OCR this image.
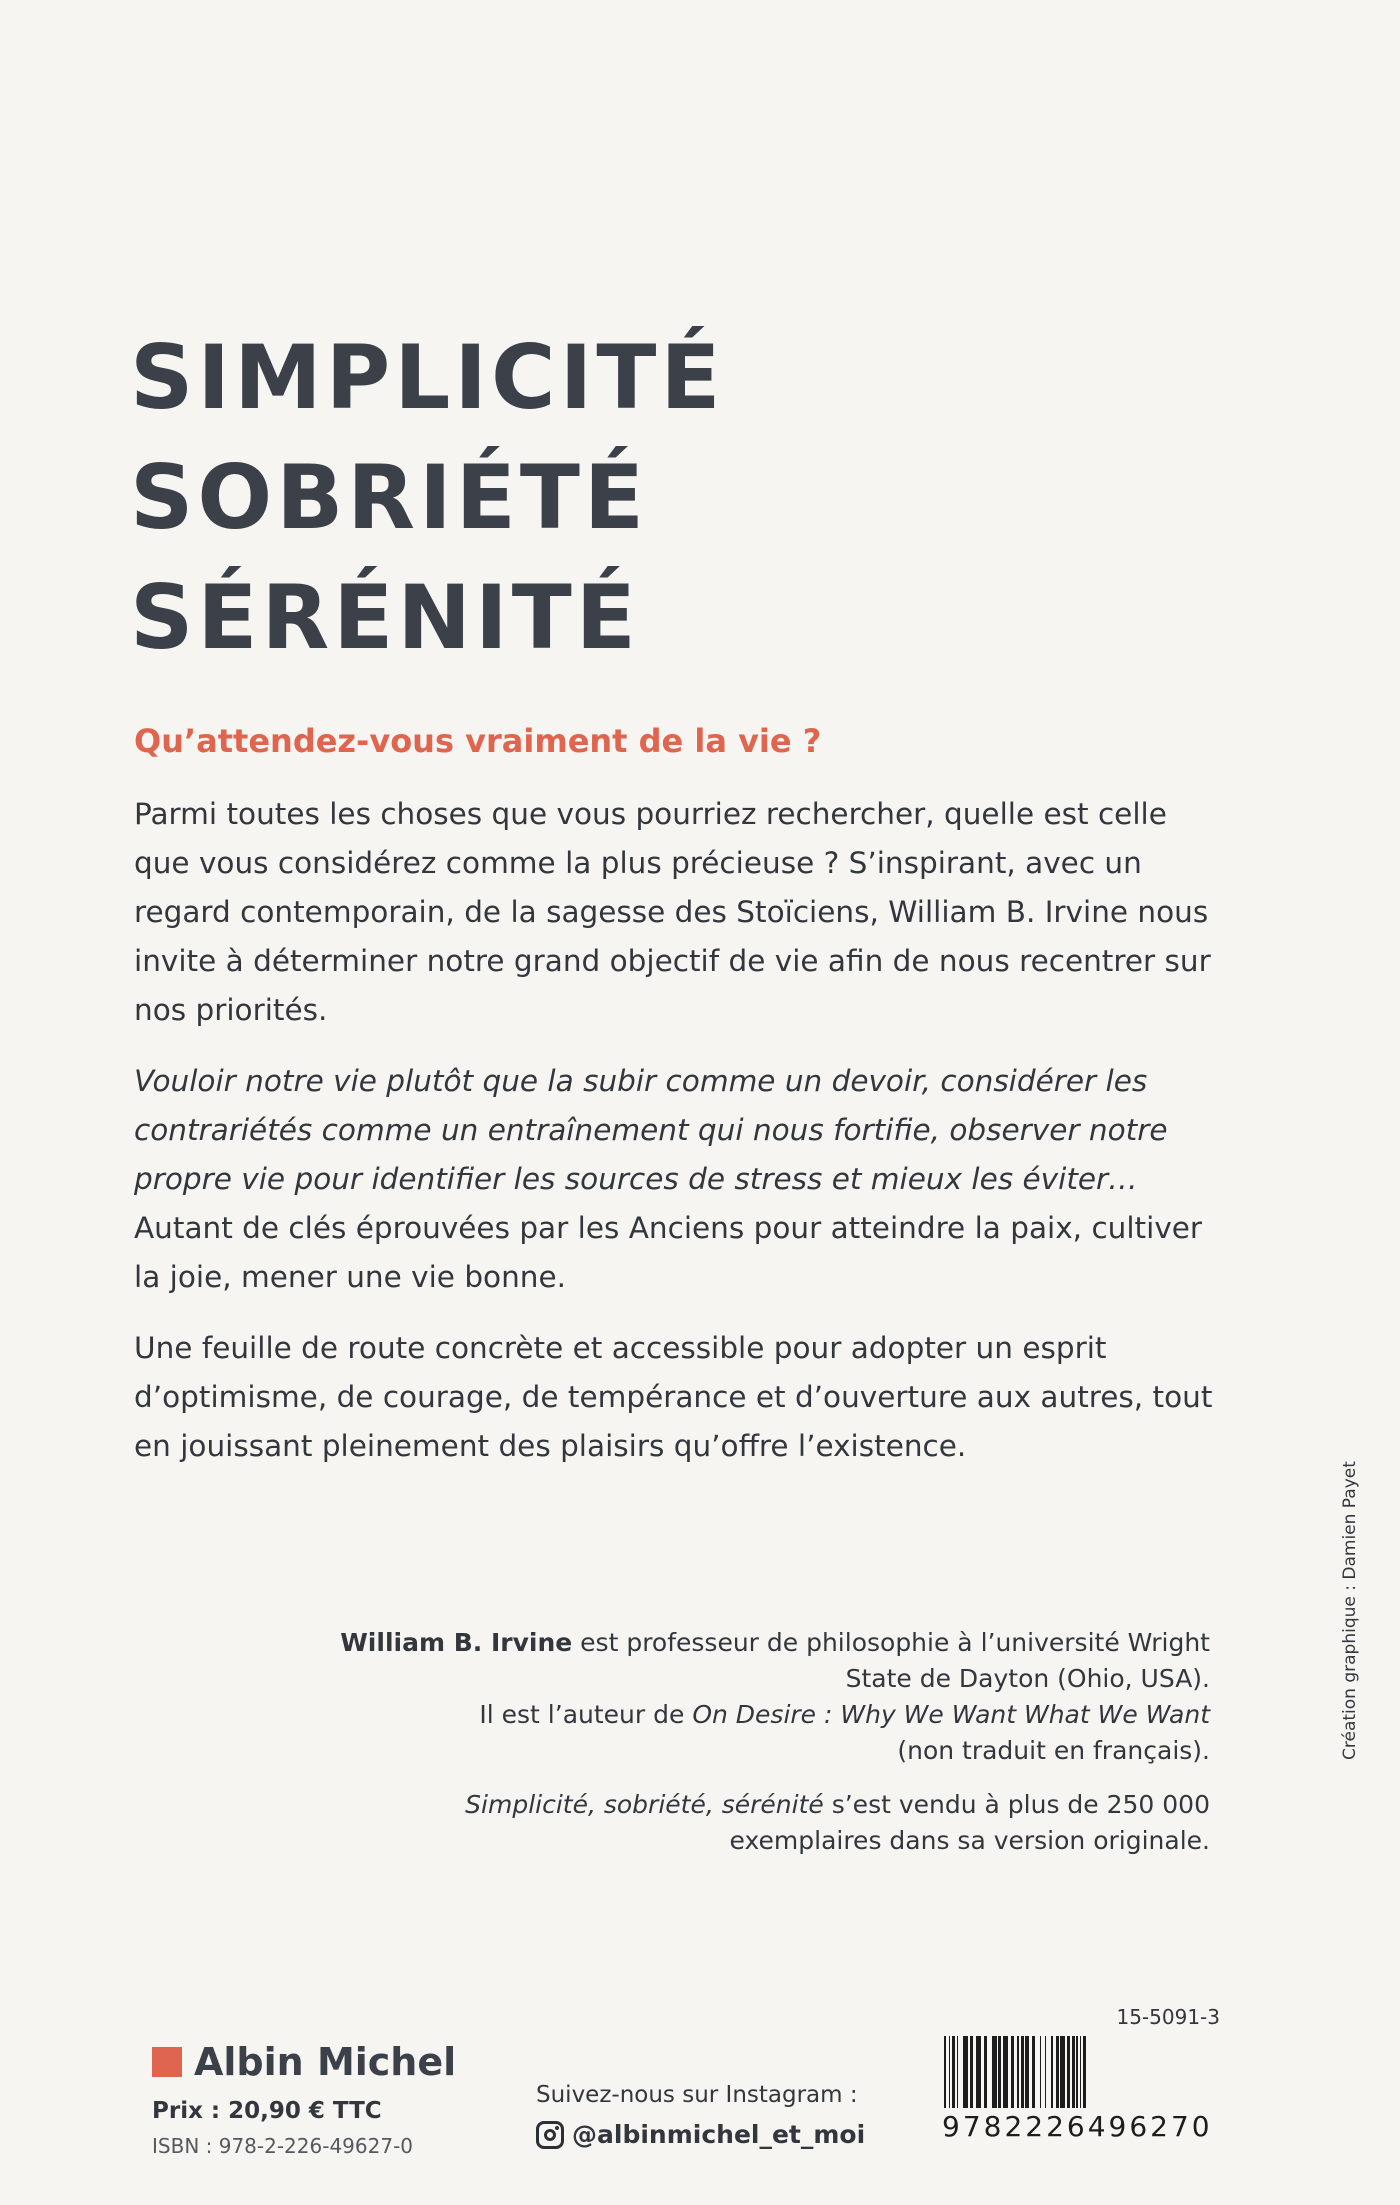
SIMPLICITÉ
SOBRIÉTÉ
SÉRÉNITÉ

Qu’attendez-vous vraiment de la vie ?

Parmi toutes les choses que vous pourriez rechercher, quelle est celle que vous considérez comme la plus précieuse ? S’inspirant, avec un regard contemporain, de la sagesse des Stoïciens, William B. Irvine nous invite à déterminer notre grand objectif de vie afin de nous recentrer sur nos priorités.

Vouloir notre vie plutôt que la subir comme un devoir, considérer les contrariétés comme un entraînement qui nous fortifie, observer notre propre vie pour identifier les sources de stress et mieux les éviter… Autant de clés éprouvées par les Anciens pour atteindre la paix, cultiver la joie, mener une vie bonne.

Une feuille de route concrète et accessible pour adopter un esprit d’optimisme, de courage, de tempérance et d’ouverture aux autres, tout en jouissant pleinement des plaisirs qu’offre l’existence.

Création graphique : Damien Payet

William B. Irvine est professeur de philosophie à l’université Wright State de Dayton (Ohio, USA).
Il est l’auteur de On Desire : Why We Want What We Want
(non traduit en français).

Simplicité, sobriété, sérénité s’est vendu à plus de 250 000 exemplaires dans sa version originale.

Albin Michel
Prix : 20,90 € TTC
ISBN : 978-2-226-49627-0
Suivez-nous sur Instagram :
@albinmichel_et_moi
15-5091-3
9782226496270
